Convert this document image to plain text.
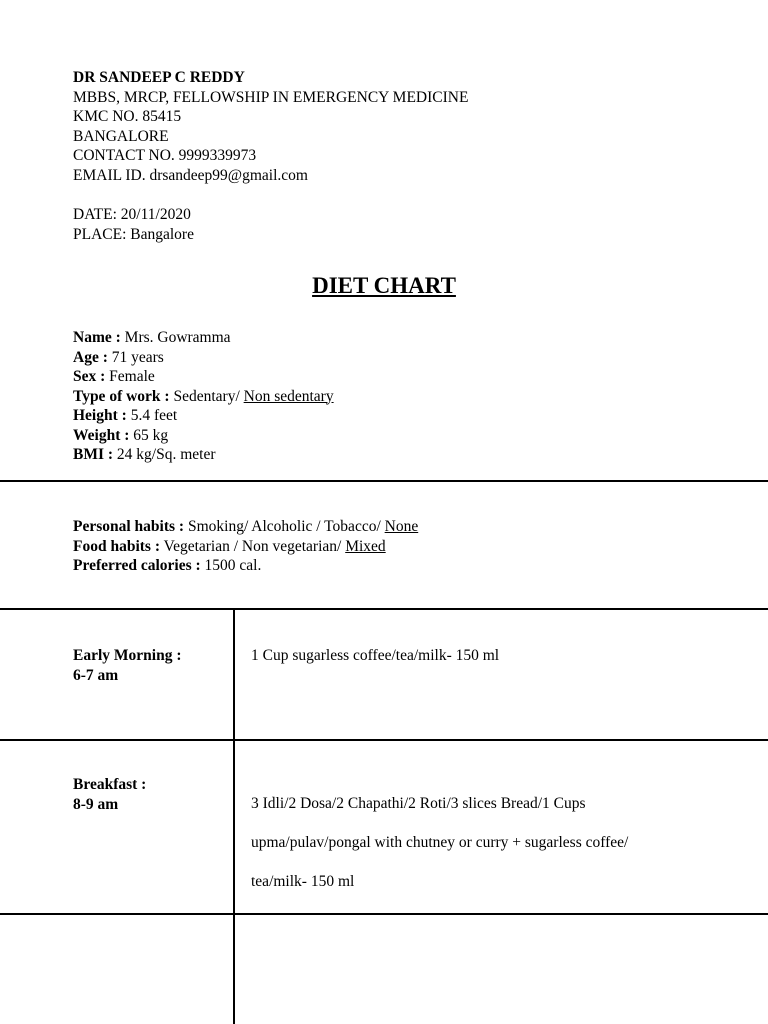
DR SANDEEP C REDDY
MBBS, MRCP, FELLOWSHIP IN EMERGENCY MEDICINE
KMC NO. 85415
BANGALORE
CONTACT NO. 9999339973
EMAIL ID. drsandeep99@gmail.com
DATE: 20/11/2020
PLACE: Bangalore
DIET CHART
Name : Mrs. Gowramma
Age : 71 years
Sex : Female
Type of work : Sedentary/ Non sedentary
Height : 5.4 feet
Weight : 65 kg
BMI : 24 kg/Sq. meter
Personal habits : Smoking/ Alcoholic / Tobacco/ None
Food habits : Vegetarian / Non vegetarian/ Mixed
Preferred calories : 1500 cal.
Early Morning :
6-7 am
1 Cup sugarless coffee/tea/milk- 150 ml
Breakfast :
8-9 am	3 Idli/2 Dosa/2 Chapathi/2 Roti/3 slices Bread/1 Cups
upma/pulav/pongal with chutney or curry + sugarless coffee/
tea/milk- 150 ml
